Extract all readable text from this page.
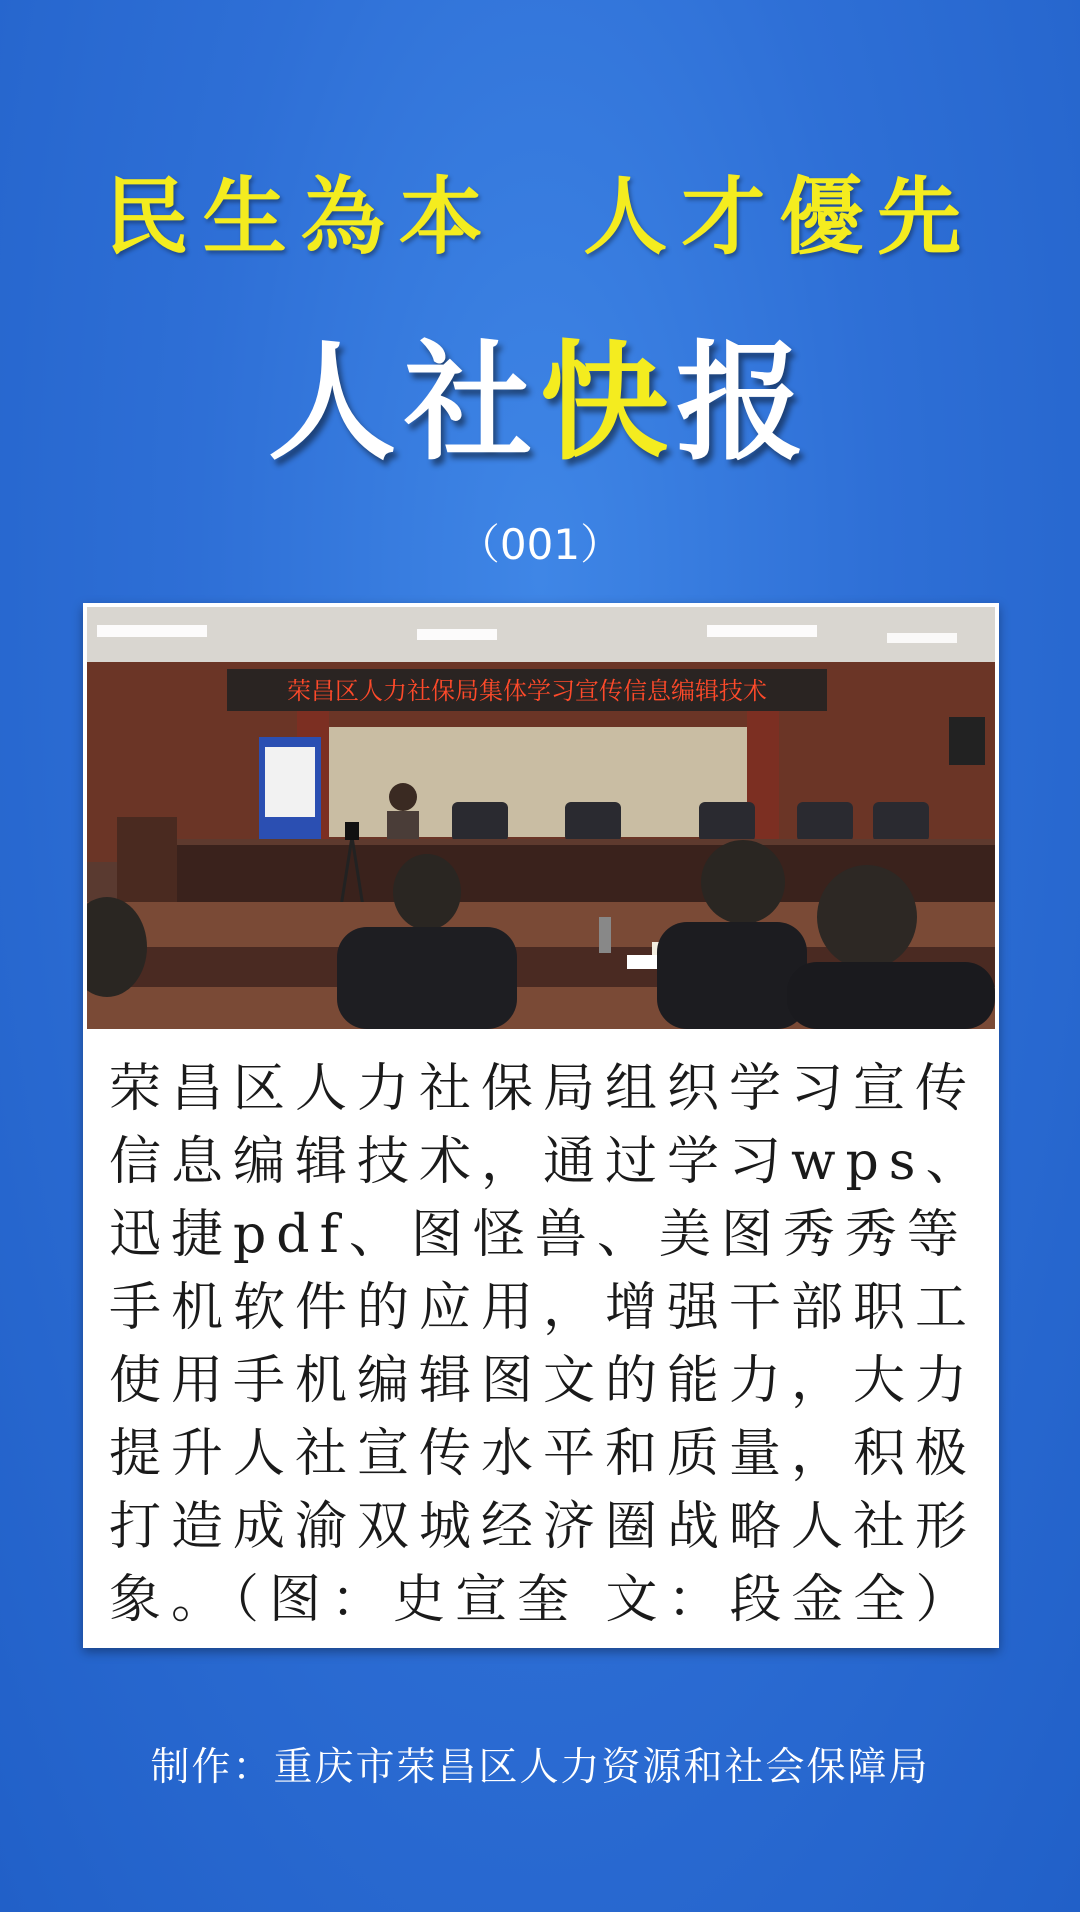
民生為本  人才優先
人社快报
（001）
荣昌区人力社保局集体学习宣传信息编辑技术
荣昌区人力社保局组织学习宣传
信息编辑技术，通过学习wps、
迅捷pdf、图怪兽、美图秀秀等
手机软件的应用，增强干部职工
使用手机编辑图文的能力，大力
提升人社宣传水平和质量，积极
打造成渝双城经济圈战略人社形
象。（图：史宣奎 文：段金全）
制作：重庆市荣昌区人力资源和社会保障局
